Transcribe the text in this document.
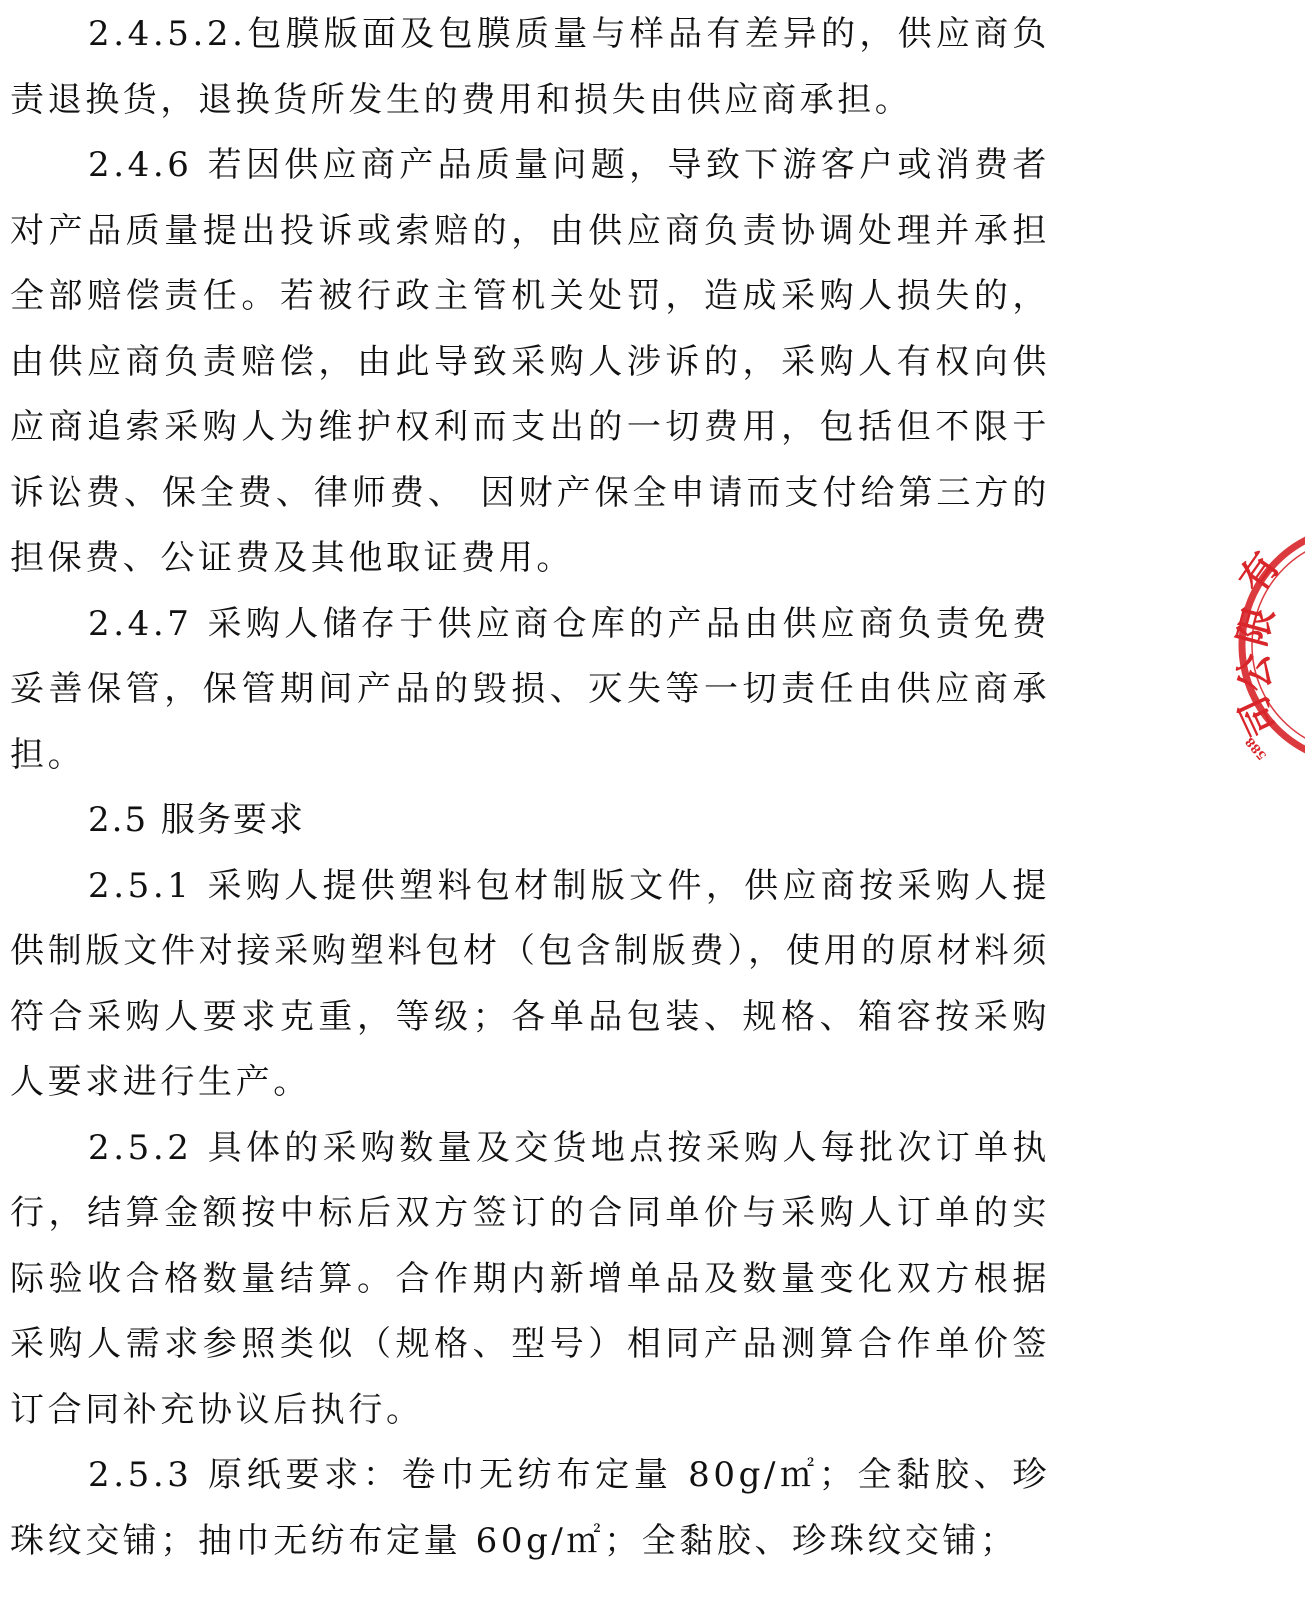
2.4.5.2.包膜版面及包膜质量与样品有差异的，供应商负责退换货，退换货所发生的费用和损失由供应商承担。

2.4.6 若因供应商产品质量问题，导致下游客户或消费者对产品质量提出投诉或索赔的，由供应商负责协调处理并承担全部赔偿责任。若被行政主管机关处罚，造成采购人损失的，由供应商负责赔偿，由此导致采购人涉诉的，采购人有权向供应商追索采购人为维护权利而支出的一切费用，包括但不限于诉讼费、保全费、律师费、 因财产保全申请而支付给第三方的担保费、公证费及其他取证费用。

2.4.7 采购人储存于供应商仓库的产品由供应商负责免费妥善保管，保管期间产品的毁损、灭失等一切责任由供应商承担。

2.5 服务要求

2.5.1 采购人提供塑料包材制版文件，供应商按采购人提供制版文件对接采购塑料包材（包含制版费），使用的原材料须符合采购人要求克重，等级；各单品包装、规格、箱容按采购人要求进行生产。

2.5.2 具体的采购数量及交货地点按采购人每批次订单执行，结算金额按中标后双方签订的合同单价与采购人订单的实际验收合格数量结算。合作期内新增单品及数量变化双方根据采购人需求参照类似（规格、型号）相同产品测算合作单价签订合同补充协议后执行。

2.5.3 原纸要求：卷巾无纺布定量 80g/㎡；全黏胶、珍珠纹交铺；抽巾无纺布定量 60g/㎡；全黏胶、珍珠纹交铺；

有
限
公
司
588
